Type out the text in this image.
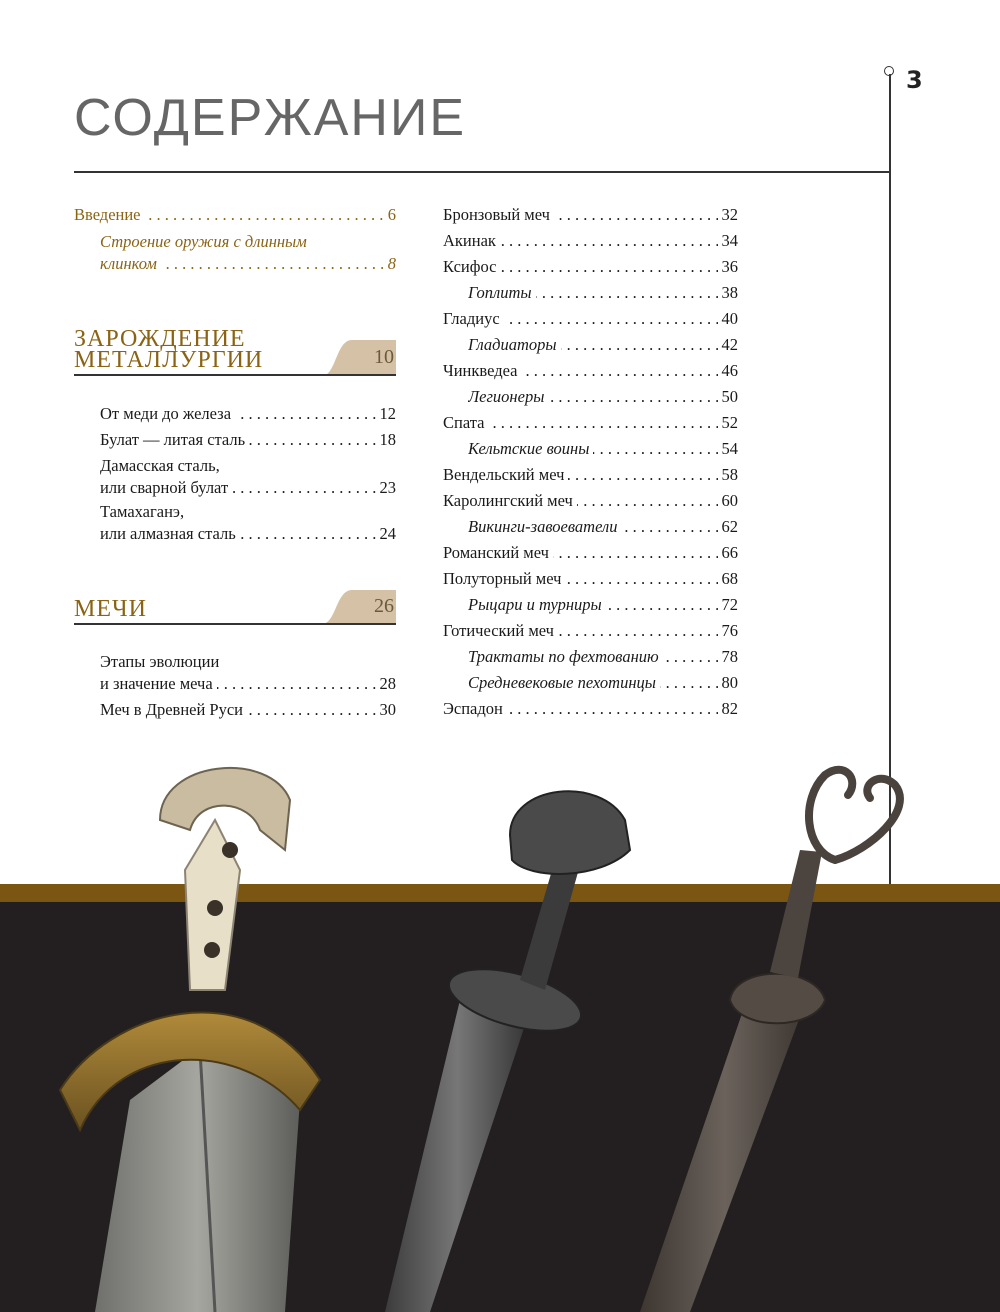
3
СОДЕРЖАНИЕ
Введение	6
. . .
Строение оружия с длинным
клинком	8
. . .
10
ЗАРОЖДЕНИЕ
МЕТАЛЛУРГИИ
От меди до железа	12
. . .
Булат — литая сталь	18
. . .
Дамасская сталь,
или сварной булат	23
. . .
Тамахаганэ,
или алмазная сталь	24
. . .
26
МЕЧИ
Этапы эволюции
и значение меча	28
. . .
Меч в Древней Руси	30
. . .
Бронзовый меч	32
. . .
Акинак	34
. . .
Ксифос	36
. . .
Гоплиты	38
. . .
Гладиус	40
. . .
Гладиаторы	42
. . .
Чинкведеа	46
. . .
Легионеры	50
. . .
Спата	52
. . .
Кельтские воины	54
. . .
Вендельский меч	58
. . .
Каролингский меч	60
. . .
Викинги-завоеватели	62
. . .
Романский меч	66
. . .
Полуторный меч	68
. . .
Рыцари и турниры	72
. . .
Готический меч	76
. . .
Трактаты по фехтованию	78
. . .
Средневековые пехотинцы	80
. . .
Эспадон	82
. . .
